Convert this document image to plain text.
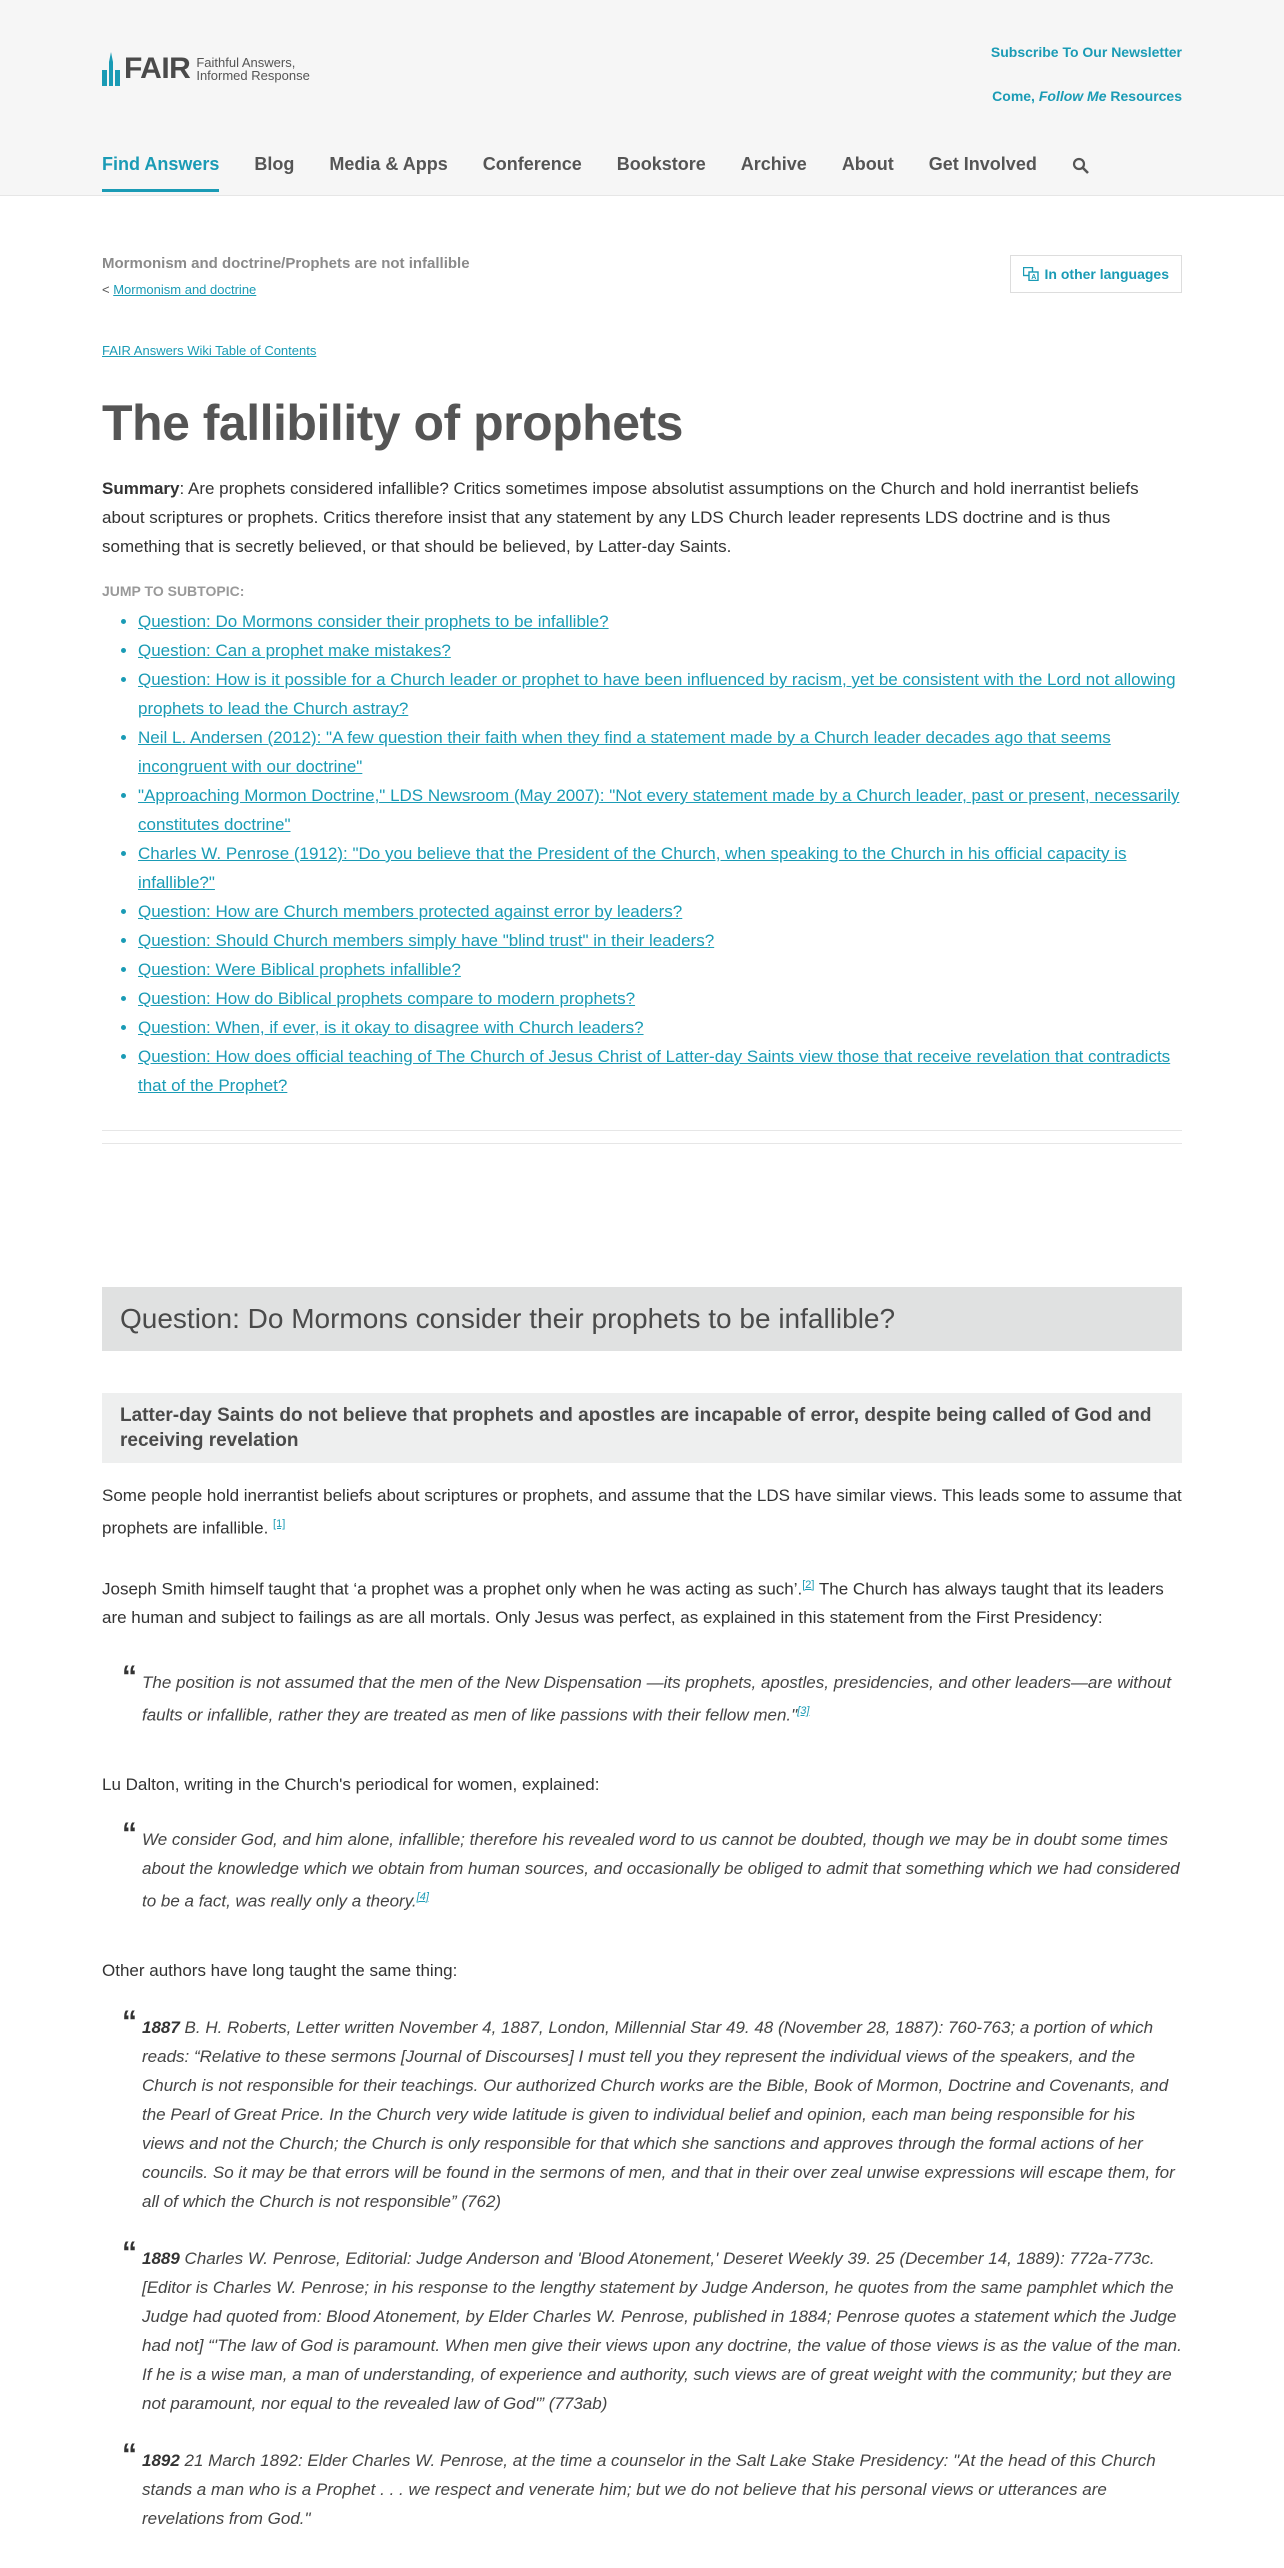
FAIR Faithful Answers,
Informed Response
Subscribe To Our Newsletter
Come, Follow Me Resources
Find Answers Blog Media & Apps Conference Bookstore Archive About Get Involved
Mormonism and doctrine/Prophets are not infallible
< Mormonism and doctrine
A In other languages
FAIR Answers Wiki Table of Contents
The fallibility of prophets
Summary: Are prophets considered infallible? Critics sometimes impose absolutist assumptions on the Church and hold inerrantist beliefs about scriptures or prophets. Critics therefore insist that any statement by any LDS Church leader represents LDS doctrine and is thus something that is secretly believed, or that should be believed, by Latter-day Saints.
JUMP TO SUBTOPIC:
• Question: Do Mormons consider their prophets to be infallible?
• Question: Can a prophet make mistakes?
• Question: How is it possible for a Church leader or prophet to have been influenced by racism, yet be consistent with the Lord not allowing prophets to lead the Church astray?
• Neil L. Andersen (2012): "A few question their faith when they find a statement made by a Church leader decades ago that seems incongruent with our doctrine"
• "Approaching Mormon Doctrine," LDS Newsroom (May 2007): "Not every statement made by a Church leader, past or present, necessarily constitutes doctrine"
• Charles W. Penrose (1912): "Do you believe that the President of the Church, when speaking to the Church in his official capacity is infallible?"
• Question: How are Church members protected against error by leaders?
• Question: Should Church members simply have "blind trust" in their leaders?
• Question: Were Biblical prophets infallible?
• Question: How do Biblical prophets compare to modern prophets?
• Question: When, if ever, is it okay to disagree with Church leaders?
• Question: How does official teaching of The Church of Jesus Christ of Latter-day Saints view those that receive revelation that contradicts that of the Prophet?
Question: Do Mormons consider their prophets to be infallible?
Latter-day Saints do not believe that prophets and apostles are incapable of error, despite being called of God and receiving revelation

Some people hold inerrantist beliefs about scriptures or prophets, and assume that the LDS have similar views. This leads some to assume that prophets are infallible. [1]

Joseph Smith himself taught that ‘a prophet was a prophet only when he was acting as such’.[2] The Church has always taught that its leaders are human and subject to failings as are all mortals. Only Jesus was perfect, as explained in this statement from the First Presidency:

“ The position is not assumed that the men of the New Dispensation —its prophets, apostles, presidencies, and other leaders—are without faults or infallible, rather they are treated as men of like passions with their fellow men."[3]

Lu Dalton, writing in the Church's periodical for women, explained:

“ We consider God, and him alone, infallible; therefore his revealed word to us cannot be doubted, though we may be in doubt some times about the knowledge which we obtain from human sources, and occasionally be obliged to admit that something which we had considered to be a fact, was really only a theory.[4]

Other authors have long taught the same thing:

“ 1887 B. H. Roberts, Letter written November 4, 1887, London, Millennial Star 49. 48 (November 28, 1887): 760-763; a portion of which reads: “Relative to these sermons [Journal of Discourses] I must tell you they represent the individual views of the speakers, and the Church is not responsible for their teachings. Our authorized Church works are the Bible, Book of Mormon, Doctrine and Covenants, and the Pearl of Great Price. In the Church very wide latitude is given to individual belief and opinion, each man being responsible for his views and not the Church; the Church is only responsible for that which she sanctions and approves through the formal actions of her councils. So it may be that errors will be found in the sermons of men, and that in their over zeal unwise expressions will escape them, for all of which the Church is not responsible” (762)
“ 1889 Charles W. Penrose, Editorial: Judge Anderson and 'Blood Atonement,' Deseret Weekly 39. 25 (December 14, 1889): 772a-773c. [Editor is Charles W. Penrose; in his response to the lengthy statement by Judge Anderson, he quotes from the same pamphlet which the Judge had quoted from: Blood Atonement, by Elder Charles W. Penrose, published in 1884; Penrose quotes a statement which the Judge had not] “'The law of God is paramount. When men give their views upon any doctrine, the value of those views is as the value of the man. If he is a wise man, a man of understanding, of experience and authority, such views are of great weight with the community; but they are not paramount, nor equal to the revealed law of God'” (773ab)
“ 1892 21 March 1892: Elder Charles W. Penrose, at the time a counselor in the Salt Lake Stake Presidency: "At the head of this Church stands a man who is a Prophet . . . we respect and venerate him; but we do not believe that his personal views or utterances are revelations from God."
